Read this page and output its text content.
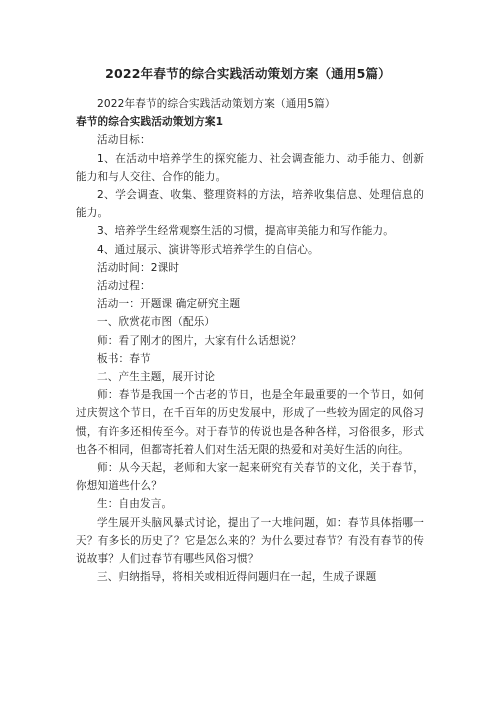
2022年春节的综合实践活动策划方案（通用5篇）

2022年春节的综合实践活动策划方案（通用5篇）

春节的综合实践活动策划方案1

活动目标：

1、在活动中培养学生的探究能力、社会调查能力、动手能力、创新能力和与人交往、合作的能力。

2、学会调查、收集、整理资料的方法，培养收集信息、处理信息的能力。

3、培养学生经常观察生活的习惯，提高审美能力和写作能力。

4、通过展示、演讲等形式培养学生的自信心。

活动时间：2课时

活动过程：

活动一：开题课 确定研究主题

一、欣赏花市图（配乐）

师：看了刚才的图片，大家有什么话想说？

板书：春节

二、产生主题，展开讨论

师：春节是我国一个古老的节日，也是全年最重要的一个节日，如何过庆贺这个节日，在千百年的历史发展中，形成了一些较为固定的风俗习惯，有许多还相传至今。对于春节的传说也是各种各样，习俗很多，形式也各不相同，但都寄托着人们对生活无限的热爱和对美好生活的向往。

师：从今天起，老师和大家一起来研究有关春节的文化，关于春节，你想知道些什么？

生：自由发言。

学生展开头脑风暴式讨论，提出了一大堆问题，如：春节具体指哪一天？有多长的历史了？它是怎么来的？为什么要过春节？有没有春节的传说故事？人们过春节有哪些风俗习惯？

三、归纳指导，将相关或相近得问题归在一起，生成子课题
